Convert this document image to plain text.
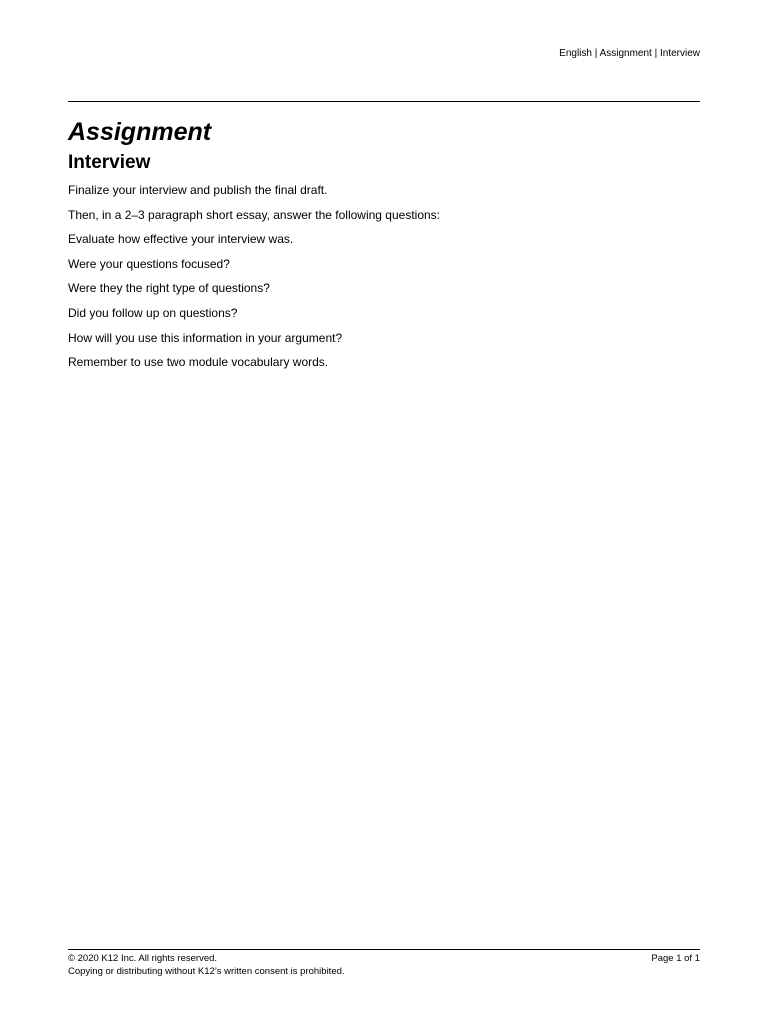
English | Assignment | Interview
Assignment
Interview
Finalize your interview and publish the final draft.
Then, in a 2–3 paragraph short essay, answer the following questions:
Evaluate how effective your interview was.
Were your questions focused?
Were they the right type of questions?
Did you follow up on questions?
How will you use this information in your argument?
Remember to use two module vocabulary words.
© 2020 K12 Inc. All rights reserved.
Copying or distributing without K12’s written consent is prohibited.
Page 1 of 1
